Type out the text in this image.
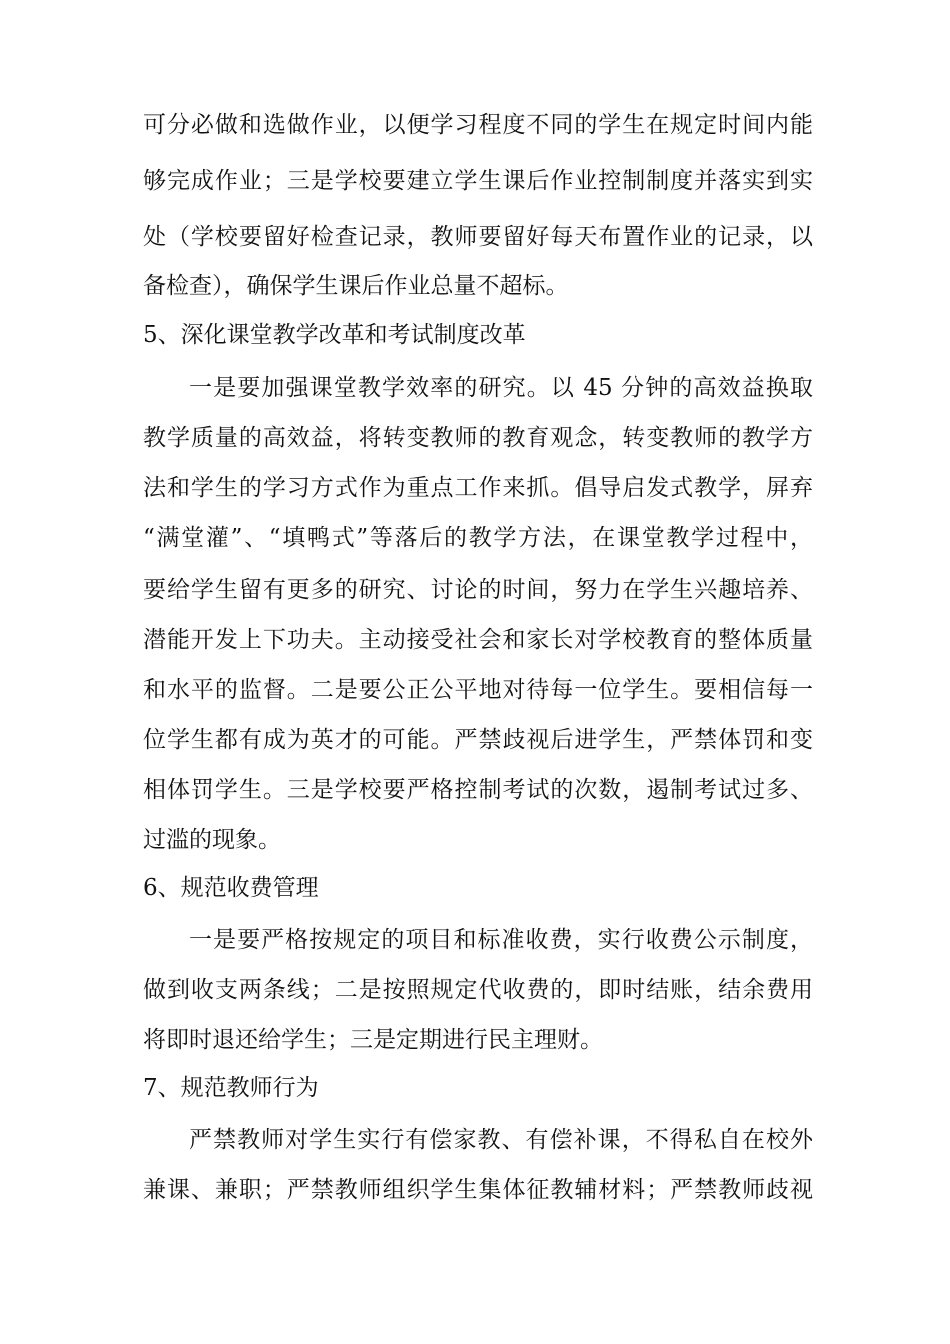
可分必做和选做作业，以便学习程度不同的学生在规定时间内能
够完成作业；三是学校要建立学生课后作业控制制度并落实到实
处（学校要留好检查记录，教师要留好每天布置作业的记录，以
备检查），确保学生课后作业总量不超标。
5、深化课堂教学改革和考试制度改革
一是要加强课堂教学效率的研究。以 45 分钟的高效益换取
教学质量的高效益，将转变教师的教育观念，转变教师的教学方
法和学生的学习方式作为重点工作来抓。倡导启发式教学，屏弃
“满堂灌”、“填鸭式”等落后的教学方法，在课堂教学过程中，
要给学生留有更多的研究、讨论的时间，努力在学生兴趣培养、
潜能开发上下功夫。主动接受社会和家长对学校教育的整体质量
和水平的监督。二是要公正公平地对待每一位学生。要相信每一
位学生都有成为英才的可能。严禁歧视后进学生，严禁体罚和变
相体罚学生。三是学校要严格控制考试的次数，遏制考试过多、
过滥的现象。
6、规范收费管理
一是要严格按规定的项目和标准收费，实行收费公示制度，
做到收支两条线；二是按照规定代收费的，即时结账，结余费用
将即时退还给学生；三是定期进行民主理财。
7、规范教师行为
严禁教师对学生实行有偿家教、有偿补课，不得私自在校外
兼课、兼职；严禁教师组织学生集体征教辅材料；严禁教师歧视
